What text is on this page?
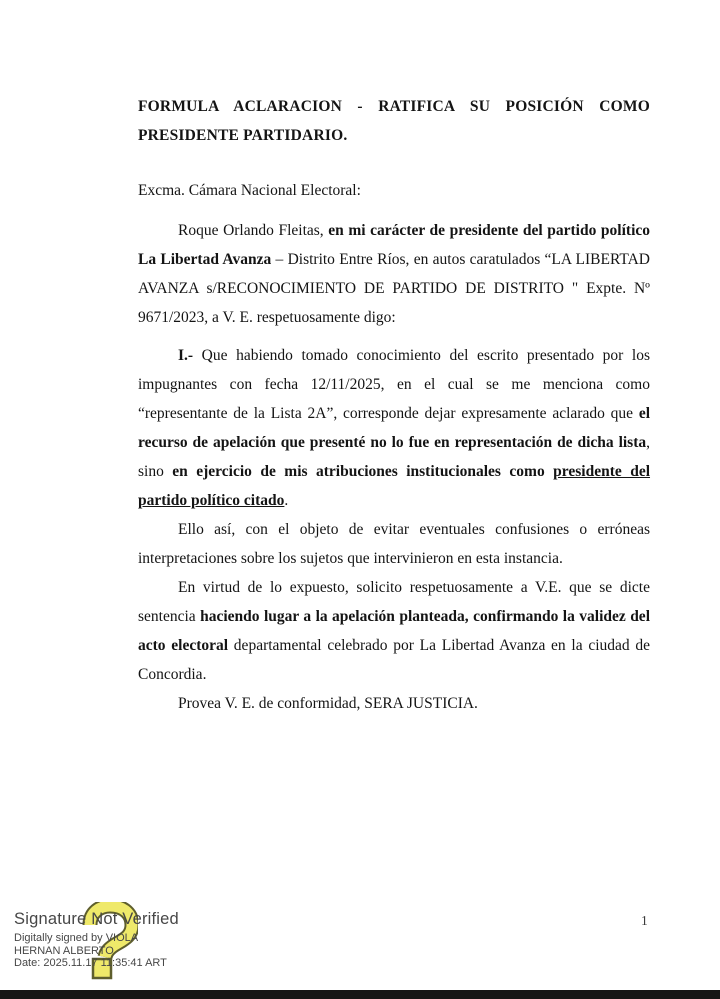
FORMULA ACLARACION - RATIFICA SU POSICIÓN COMO PRESIDENTE PARTIDARIO.

Excma. Cámara Nacional Electoral:

Roque Orlando Fleitas, en mi carácter de presidente del partido político La Libertad Avanza – Distrito Entre Ríos, en autos caratulados “LA LIBERTAD AVANZA s/RECONOCIMIENTO DE PARTIDO DE DISTRITO " Expte. Nº 9671/2023, a V. E. respetuosamente digo:

I.- Que habiendo tomado conocimiento del escrito presentado por los impugnantes con fecha 12/11/2025, en el cual se me menciona como “representante de la Lista 2A”, corresponde dejar expresamente aclarado que el recurso de apelación que presenté no lo fue en representación de dicha lista, sino en ejercicio de mis atribuciones institucionales como presidente del partido político citado.

Ello así, con el objeto de evitar eventuales confusiones o erróneas interpretaciones sobre los sujetos que intervinieron en esta instancia.

En virtud de lo expuesto, solicito respetuosamente a V.E. que se dicte sentencia haciendo lugar a la apelación planteada, confirmando la validez del acto electoral departamental celebrado por La Libertad Avanza en la ciudad de Concordia.

Provea V. E. de conformidad, SERA JUSTICIA.

1
Signature Not Verified
Digitally signed by VIOLA
HERNAN ALBERTO
Date: 2025.11.17 11:35:41 ART
